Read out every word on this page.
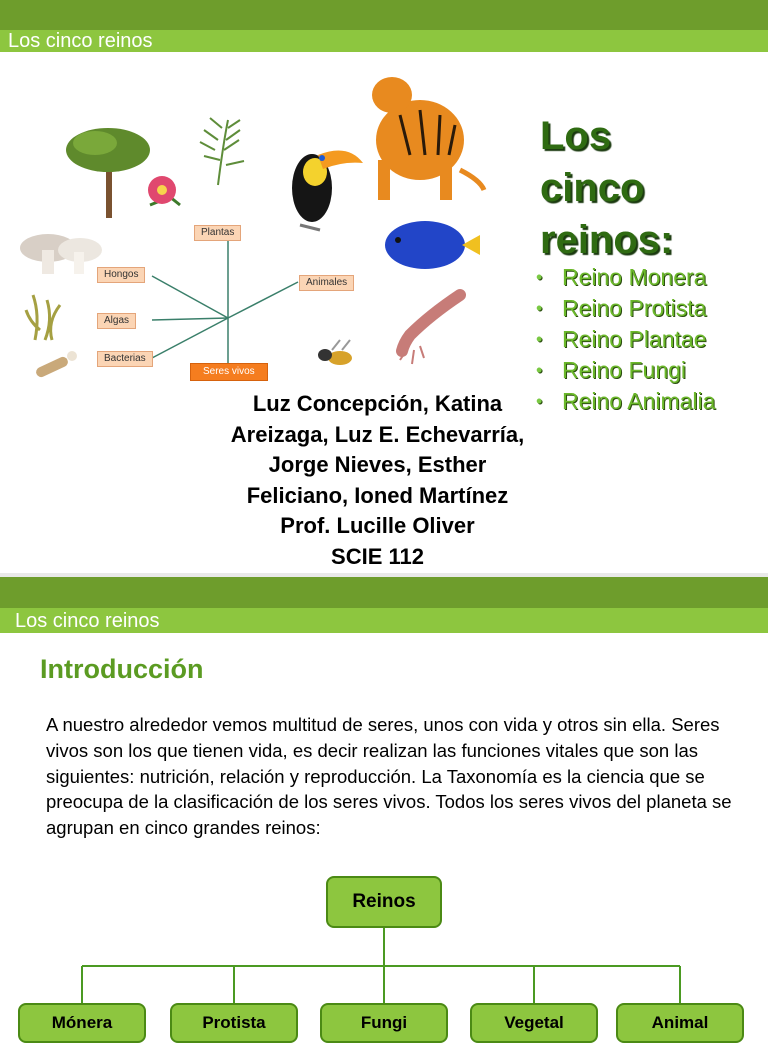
Los cinco reinos
Plantas
Hongos
Algas
Bacterias
Animales
Seres vivos
Los
cinco
reinos:
• Reino Monera
• Reino Protista
• Reino Plantae
• Reino Fungi
• Reino Animalia
Luz Concepción, Katina
Areizaga, Luz E. Echevarría,
Jorge Nieves, Esther
Feliciano, Ioned Martínez
Prof. Lucille Oliver
SCIE 112
Los cinco reinos
Introducción
A nuestro alrededor vemos multitud de seres, unos con vida y otros sin ella. Seres vivos son los que tienen vida, es decir realizan las funciones vitales que son las siguientes: nutrición, relación y reproducción. La Taxonomía es la ciencia que se preocupa de la clasificación de los seres vivos. Todos los seres vivos del planeta se agrupan en cinco grandes reinos:
Reinos
Mónera	Protista	Fungi	Vegetal	Animal
